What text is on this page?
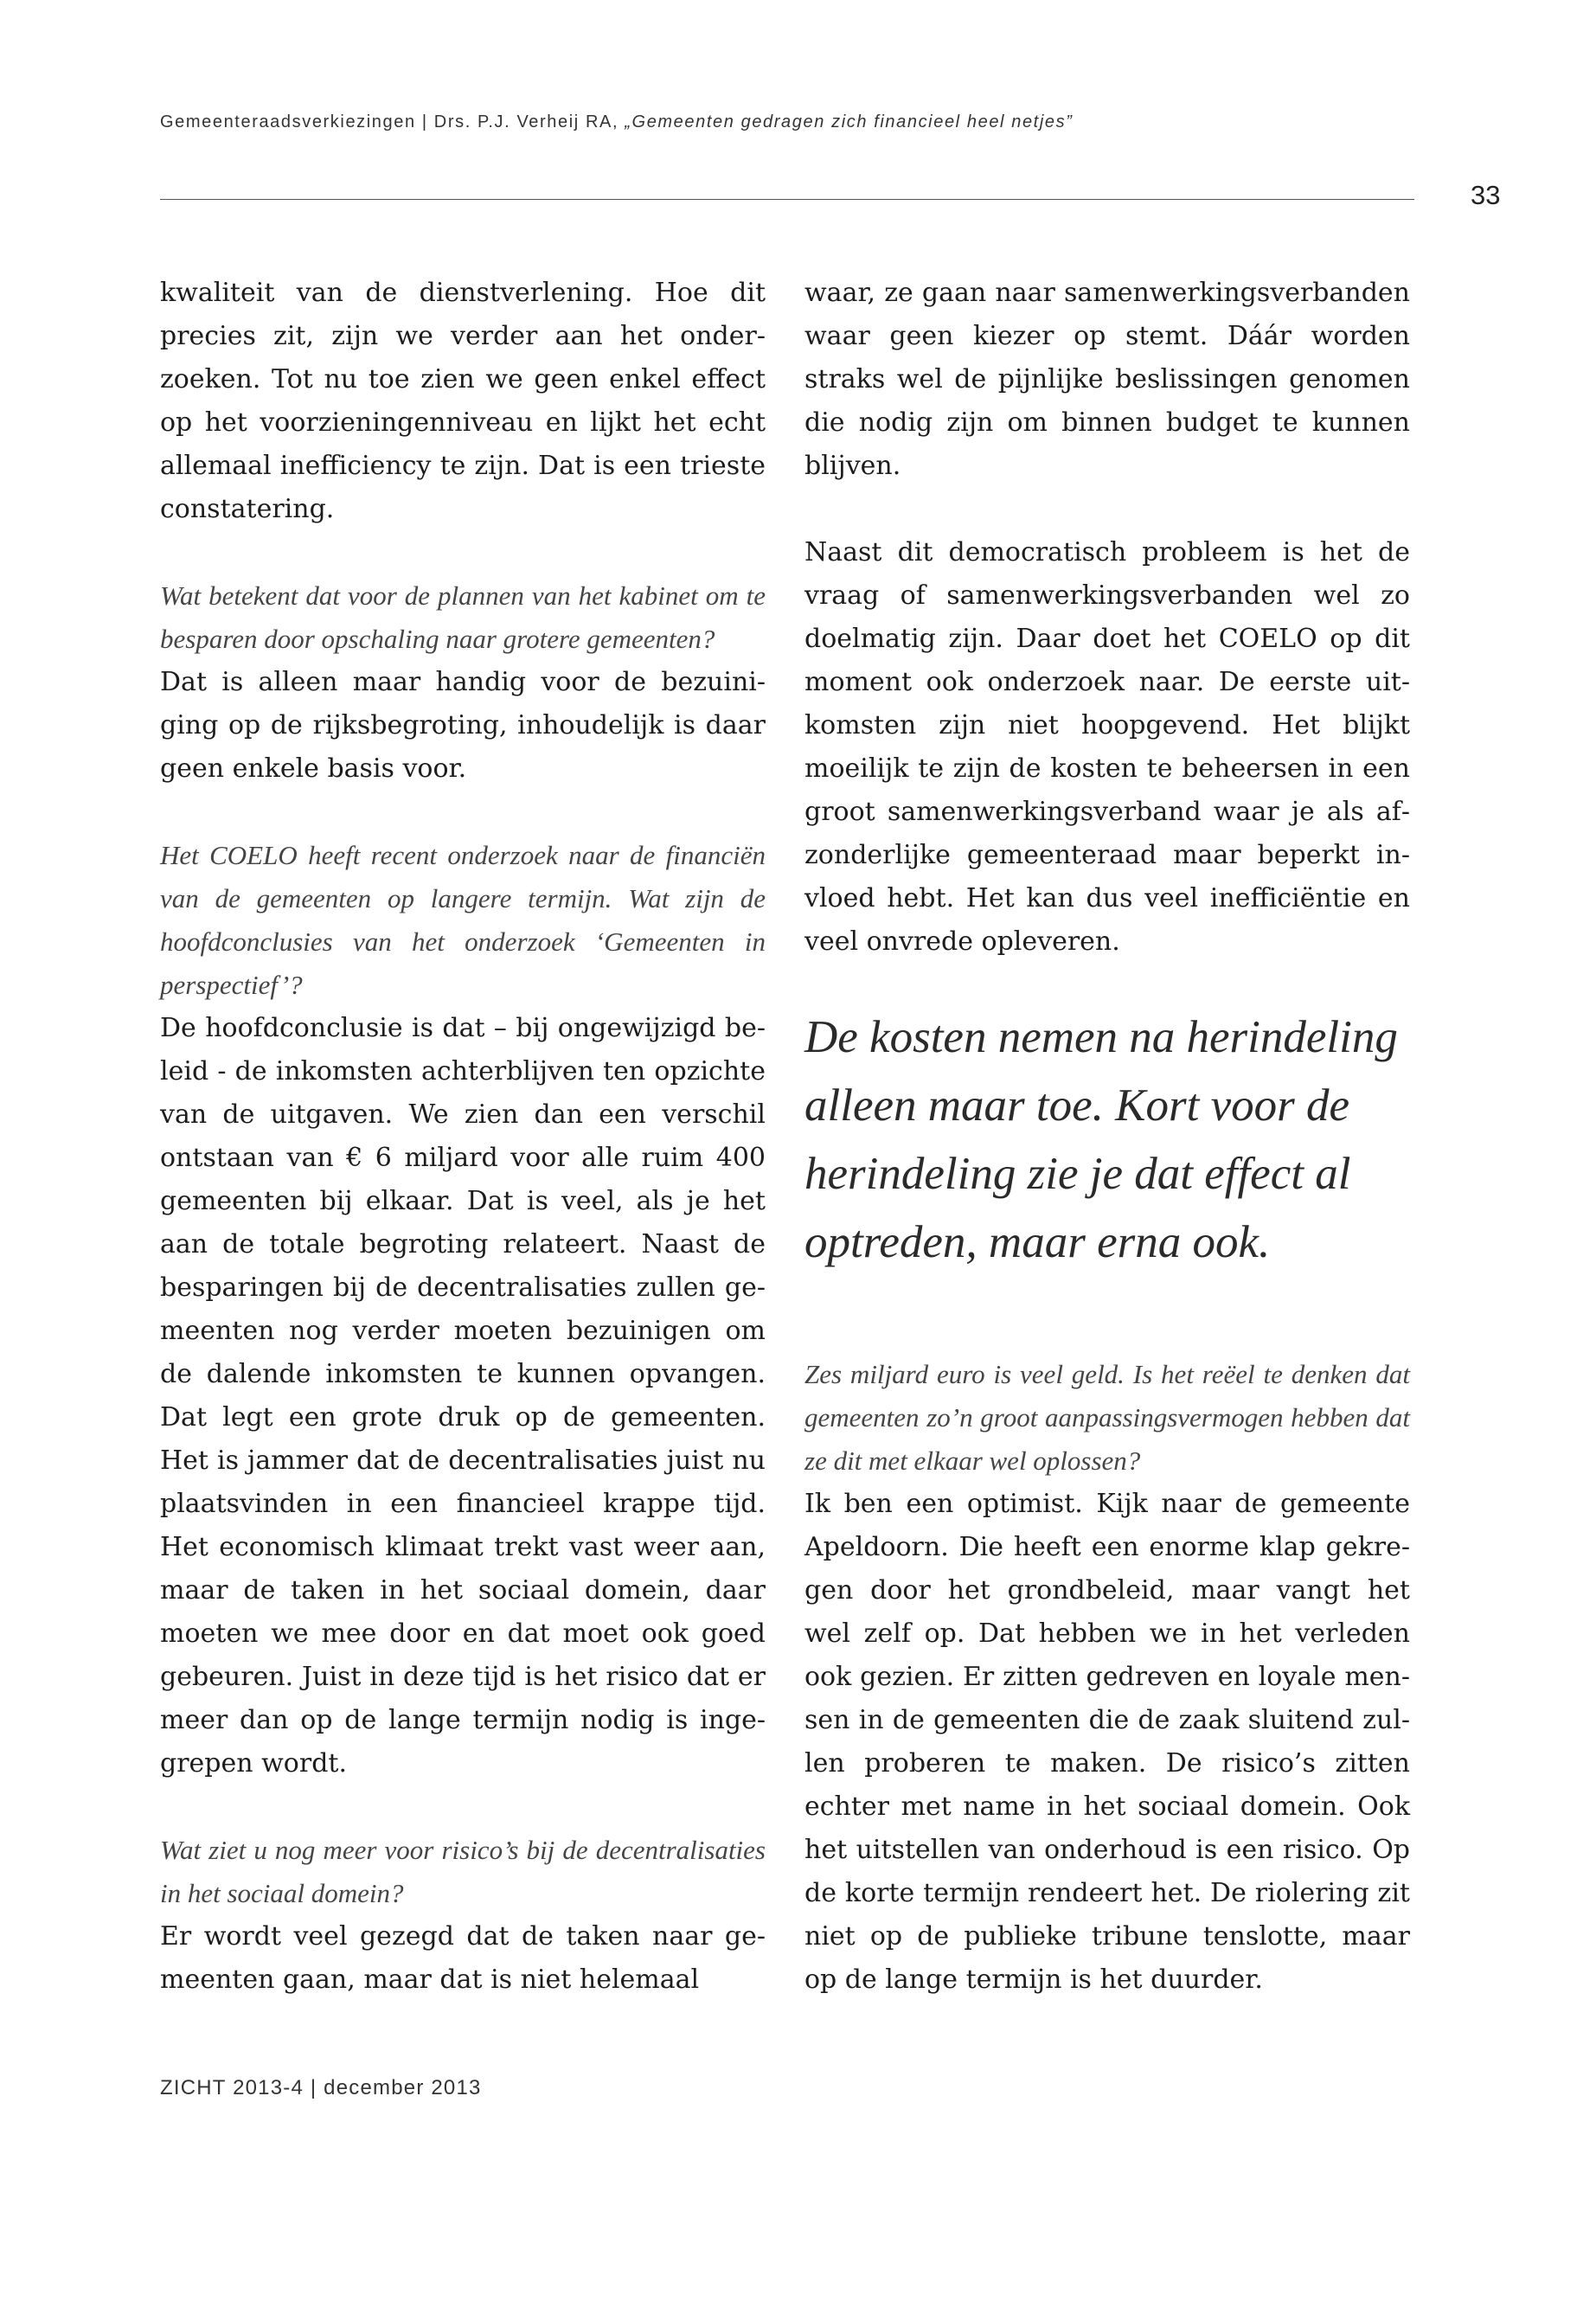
Gemeenteraadsverkiezingen | Drs. P.J. Verheij RA, „Gemeenten gedragen zich financieel heel netjes”
33

kwaliteit van de dienstverlening. Hoe dit precies zit, zijn we verder aan het onderzoeken. Tot nu toe zien we geen enkel effect op het voorzieningenniveau en lijkt het echt allemaal inefficiency te zijn. Dat is een trieste constatering.

Wat betekent dat voor de plannen van het kabinet om te besparen door opschaling naar grotere gemeenten?

Dat is alleen maar handig voor de bezuiniging op de rijksbegroting, inhoudelijk is daar geen enkele basis voor.

Het COELO heeft recent onderzoek naar de financiën van de gemeenten op langere termijn. Wat zijn de hoofdconclusies van het onderzoek ‘Gemeenten in perspectief’?

De hoofdconclusie is dat – bij ongewijzigd beleid - de inkomsten achterblijven ten opzichte van de uitgaven. We zien dan een verschil ontstaan van € 6 miljard voor alle ruim 400 gemeenten bij elkaar. Dat is veel, als je het aan de totale begroting relateert. Naast de besparingen bij de decentralisaties zullen gemeenten nog verder moeten bezuinigen om de dalende inkomsten te kunnen opvangen. Dat legt een grote druk op de gemeenten. Het is jammer dat de decentralisaties juist nu plaatsvinden in een financieel krappe tijd. Het economisch klimaat trekt vast weer aan, maar de taken in het sociaal domein, daar moeten we mee door en dat moet ook goed gebeuren. Juist in deze tijd is het risico dat er meer dan op de lange termijn nodig is ingegrepen wordt.

Wat ziet u nog meer voor risico’s bij de decentralisaties in het sociaal domein?

Er wordt veel gezegd dat de taken naar gemeenten gaan, maar dat is niet helemaal

waar, ze gaan naar samenwerkingsverbanden waar geen kiezer op stemt. Dáár worden straks wel de pijnlijke beslissingen genomen die nodig zijn om binnen budget te kunnen blijven.

Naast dit democratisch probleem is het de vraag of samenwerkingsverbanden wel zo doelmatig zijn. Daar doet het COELO op dit moment ook onderzoek naar. De eerste uitkomsten zijn niet hoopgevend. Het blijkt moeilijk te zijn de kosten te beheersen in een groot samenwerkingsverband waar je als afzonderlijke gemeenteraad maar beperkt invloed hebt. Het kan dus veel inefficiëntie en veel onvrede opleveren.

De kosten nemen na herindeling alleen maar toe. Kort voor de herindeling zie je dat effect al optreden, maar erna ook.

Zes miljard euro is veel geld. Is het reëel te denken dat gemeenten zo’n groot aanpassingsvermogen hebben dat ze dit met elkaar wel oplossen?

Ik ben een optimist. Kijk naar de gemeente Apeldoorn. Die heeft een enorme klap gekregen door het grondbeleid, maar vangt het wel zelf op. Dat hebben we in het verleden ook gezien. Er zitten gedreven en loyale mensen in de gemeenten die de zaak sluitend zullen proberen te maken. De risico’s zitten echter met name in het sociaal domein. Ook het uitstellen van onderhoud is een risico. Op de korte termijn rendeert het. De riolering zit niet op de publieke tribune tenslotte, maar op de lange termijn is het duurder.

ZICHT 2013-4 | december 2013
